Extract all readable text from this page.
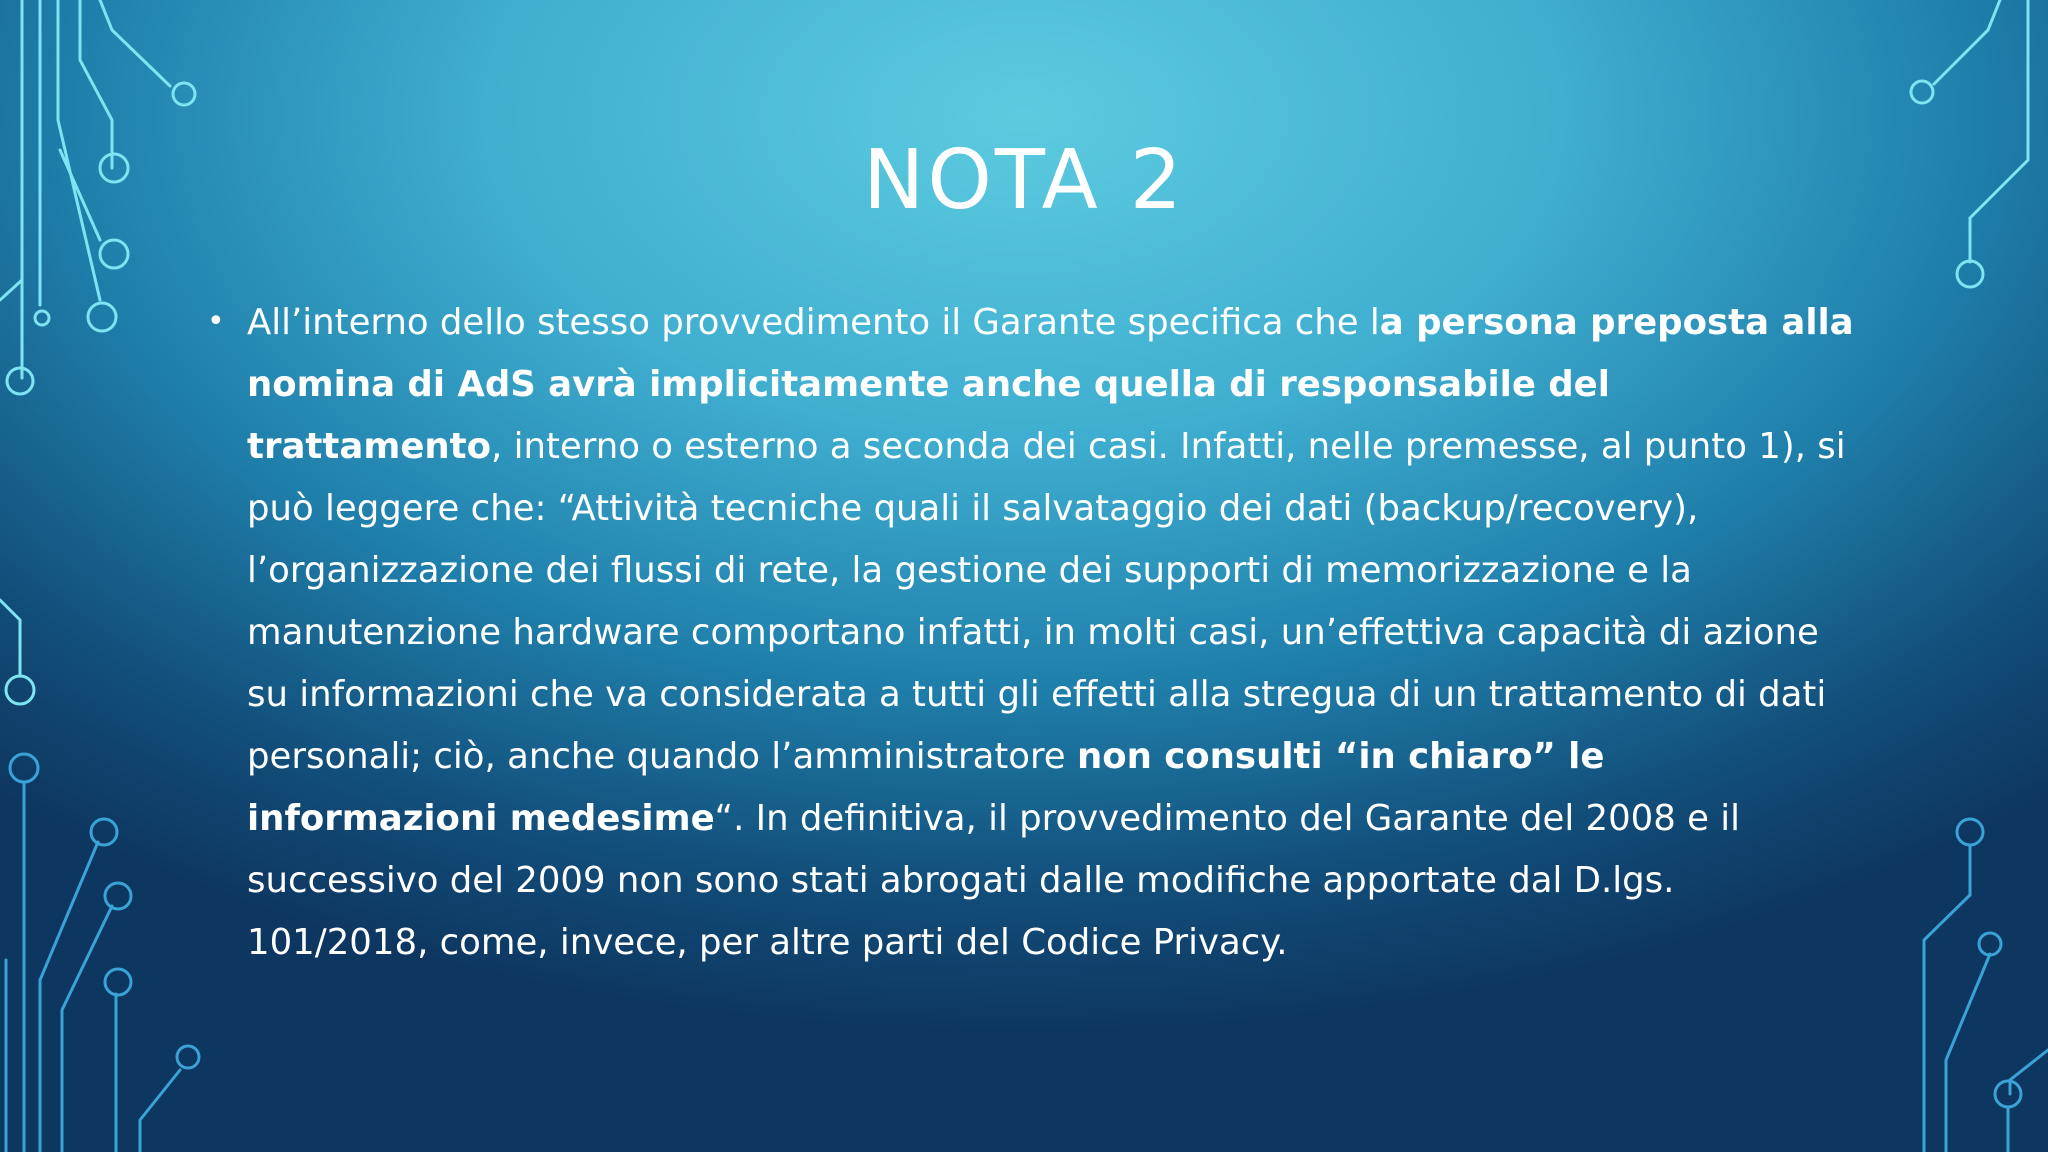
NOTA 2
• All’interno dello stesso provvedimento il Garante specifica che la persona preposta alla nomina di AdS avrà implicitamente anche quella di responsabile del trattamento, interno o esterno a seconda dei casi. Infatti, nelle premesse, al punto 1), si può leggere che: “Attività tecniche quali il salvataggio dei dati (backup/recovery), l’organizzazione dei flussi di rete, la gestione dei supporti di memorizzazione e la manutenzione hardware comportano infatti, in molti casi, un’effettiva capacità di azione su informazioni che va considerata a tutti gli effetti alla stregua di un trattamento di dati personali; ciò, anche quando l’amministratore non consulti “in chiaro” le informazioni medesime“. In definitiva, il provvedimento del Garante del 2008 e il successivo del 2009 non sono stati abrogati dalle modifiche apportate dal D.lgs. 101/2018, come, invece, per altre parti del Codice Privacy.
